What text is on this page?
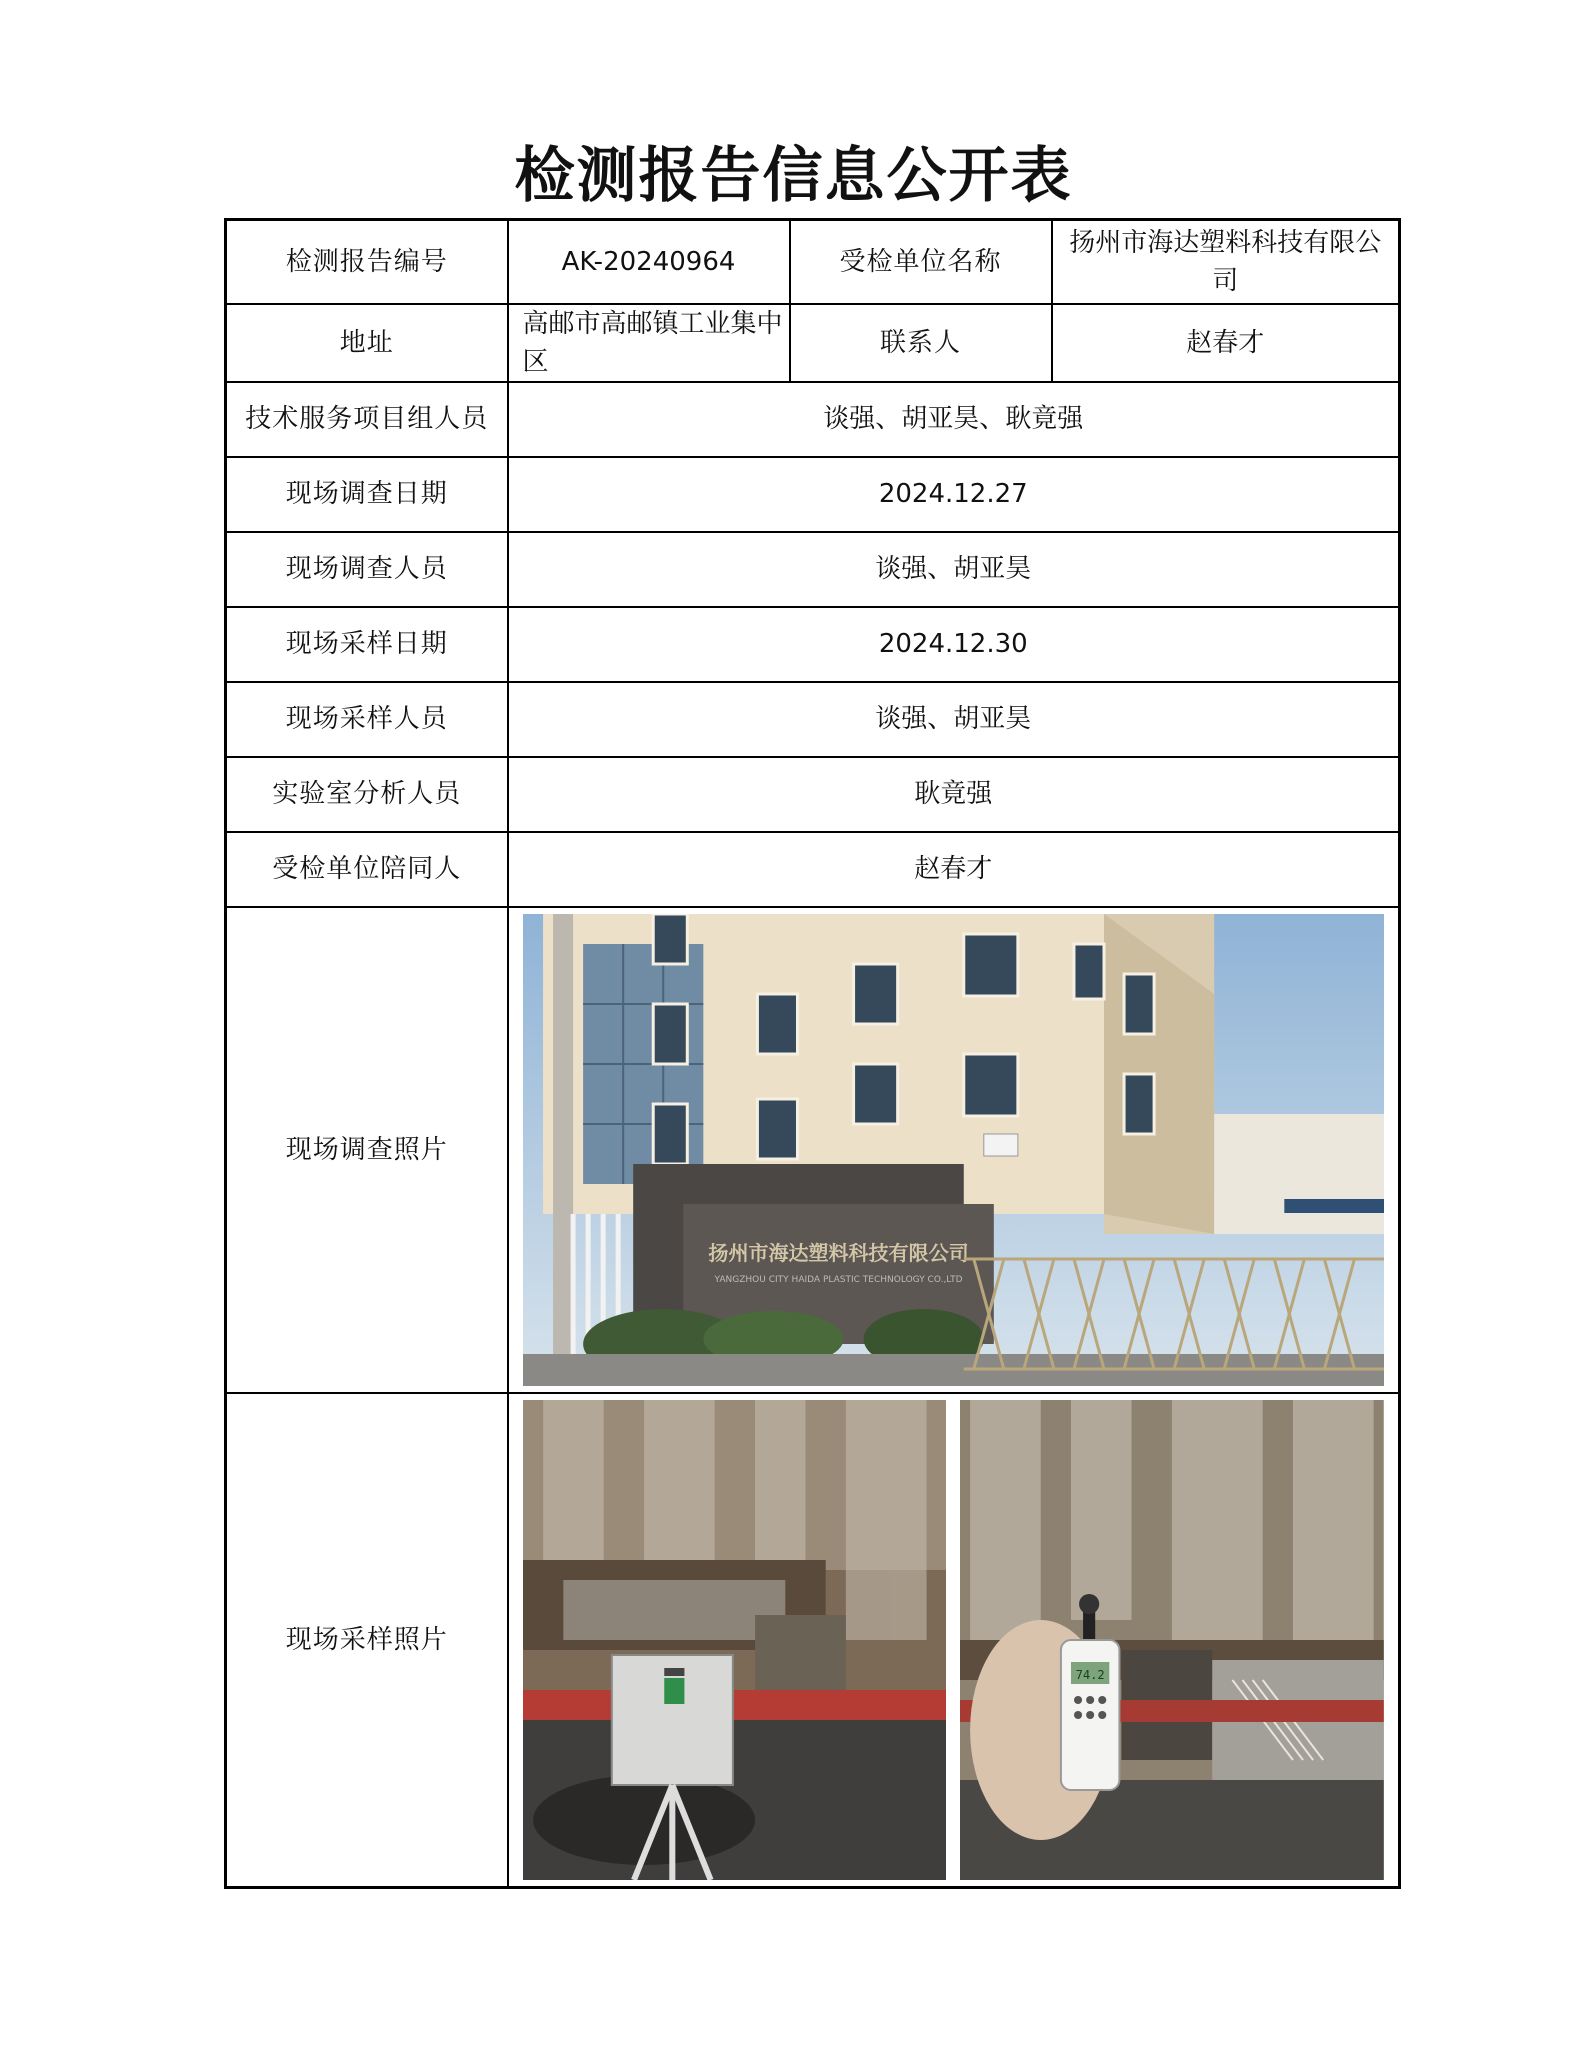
检测报告信息公开表
检测报告编号	AK-20240964	受检单位名称	扬州市海达塑料科技有限公司
地址	高邮市高邮镇工业集中区	联系人	赵春才
技术服务项目组人员	谈强、胡亚昊、耿竟强		
现场调查日期	2024.12.27		
现场调查人员	谈强、胡亚昊		
现场采样日期	2024.12.30		
现场采样人员	谈强、胡亚昊		
实验室分析人员	耿竟强		
受检单位陪同人	赵春才		
现场调查照片	扬州市海达塑料科技有限公司
YANGZHOU CITY HAIDA PLASTIC TECHNOLOGY CO.,LTD		

现场采样照片	74.2		
